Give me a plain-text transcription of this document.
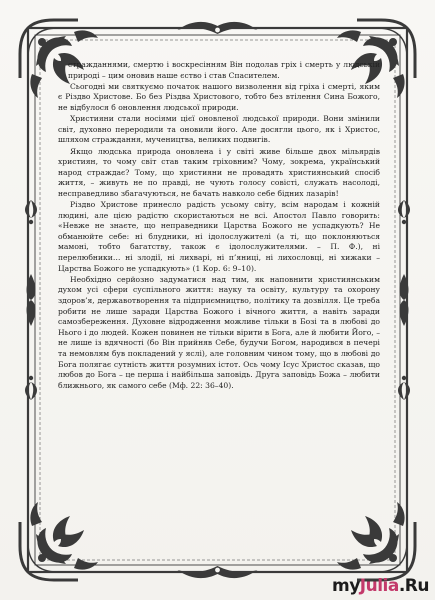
стражданнями, смертю і воскресінням Він подолав гріх і смерть у людській природі – цим оновив наше єство і став Спасителем.

Сьогодні ми святкуємо початок нашого визволення від гріха і смерті, яким є Різдво Христове. Бо без Різдва Христового, тобто без втілення Сина Божого, не відбулося б оновлення людської природи.

Християни стали носіями цієї оновленої людської природи. Вони змінили світ, духовно переродили та оновили його. Але досягли цього, як і Христос, шляхом страждання, мучеництва, великих подвигів.

Якщо людська природа оновлена і у світі живе більше двох мільярдів християн, то чому світ став таким гріховним? Чому, зокрема, український народ страждає? Тому, що християни не провадять християнський спосіб життя, – живуть не по правді, не чують голосу совісті, служать насолоді, несправедливо збагачуються, не бачать навколо себе бідних лазарів!

Різдво Христове принесло радість усьому світу, всім народам і кожній людині, але цією радістю скористаються не всі. Апостол Павло говорить: «Невже не знаєте, що неправедники Царства Божого не успадкують? Не обманюйте себе: ні блудники, ні ідолослужителі (а ті, що поклоняються мамоні, тобто багатству, також є ідолослужителями. – П. Ф.), ні перелюбники… ні злодії, ні лихварі, ні п’яниці, ні лихословці, ні хижаки – Царства Божого не успадкують» (1 Кор. 6: 9–10).

Необхідно серйозно задуматися над тим, як наповнити християнським духом усі сфери суспільного життя: науку та освіту, культуру та охорону здоров’я, державотворення та підприємництво, політику та дозвілля. Це треба робити не лише заради Царства Божого і вічного життя, а навіть заради самозбереження. Духовне відродження можливе тільки в Бозі та в любові до Нього і до людей. Кожен повинен не тільки вірити в Бога, але й любити Його, – не лише із вдячності (бо Він прийняв Себе, будучи Богом, народився в печері та немовлям був покладений у яслі), але головним чином тому, що в любові до Бога полягає сутність життя розумних істот. Ось чому Ісус Христос сказав, що любов до Бога – це перша і найбільша заповідь. Друга заповідь Божа – любити ближнього, як самого себе (Мф. 22: 36–40).

myJulia.Ru
